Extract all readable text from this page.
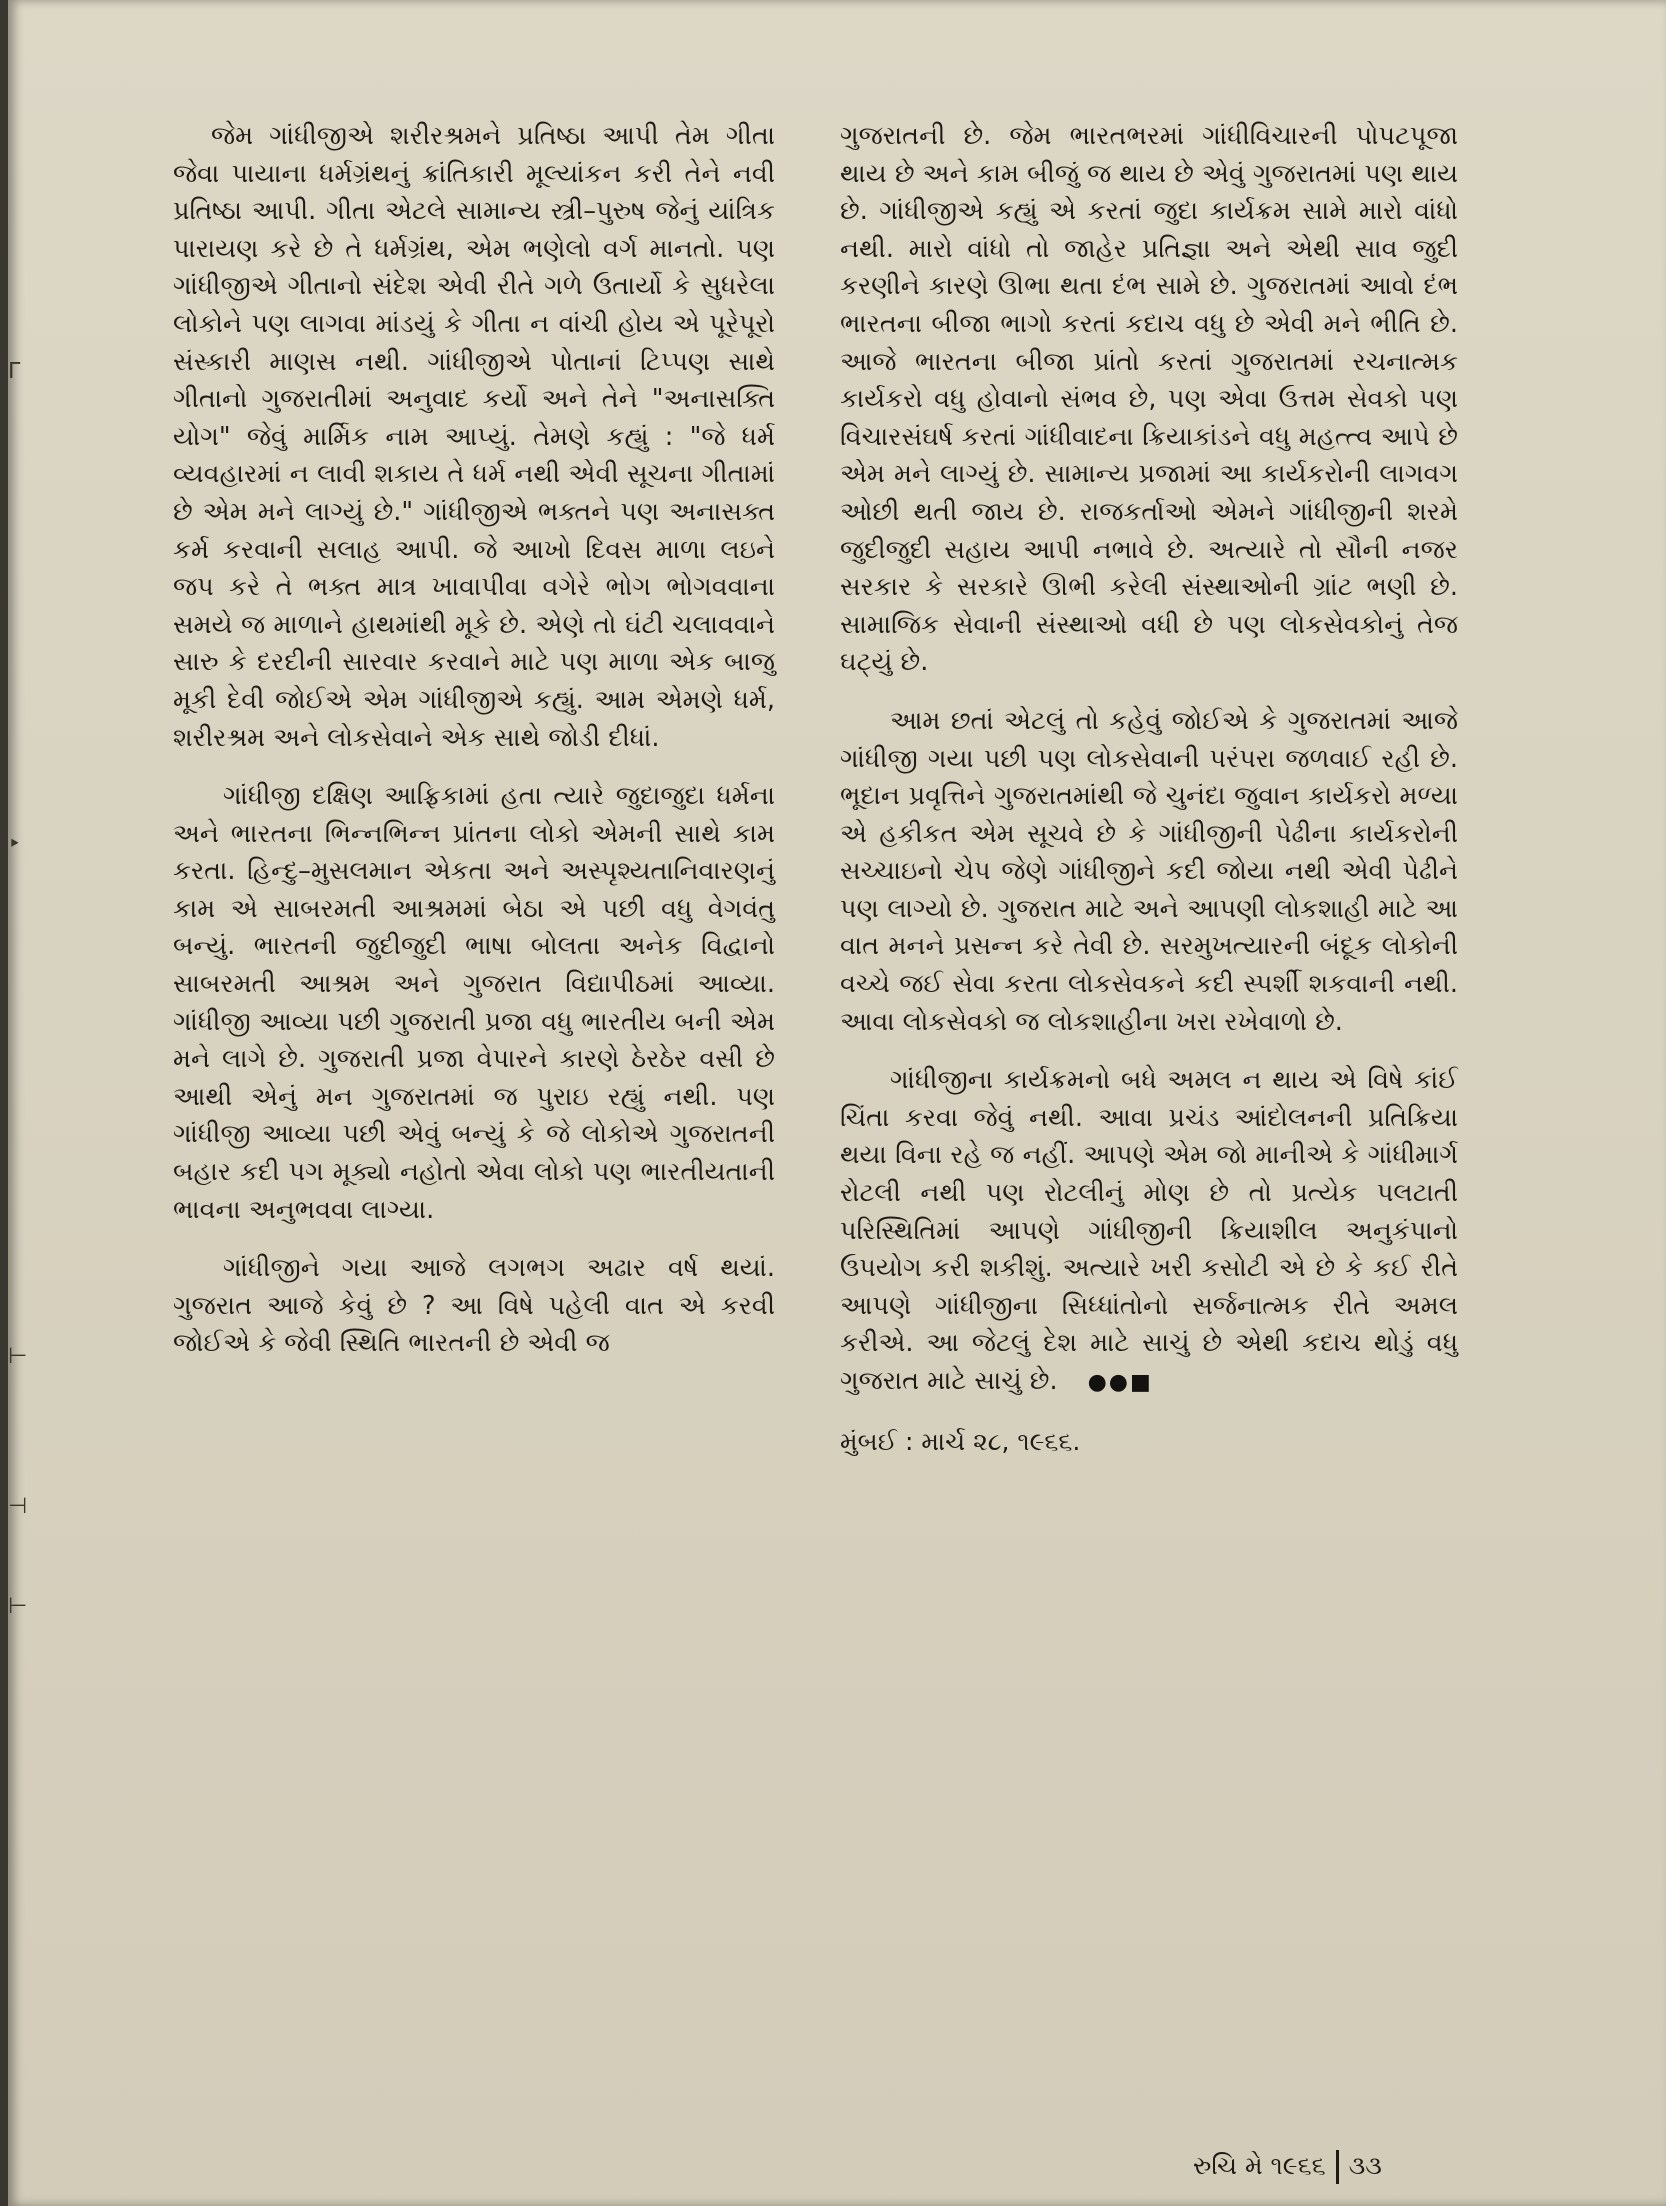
ᒥ
‣
⊢
⊣
⊢

જેમ ગાંધીજીએ શરીરશ્રમને પ્રતિષ્ઠા આપી તેમ ગીતા જેવા પાયાના ધર્મગ્રંથનું ક્રાંતિકારી મૂલ્યાંકન કરી તેને નવી પ્રતિષ્ઠા આપી. ગીતા એટલે સામાન્ય સ્ત્રી–પુરુષ જેનું યાંત્રિક પારાયણ કરે છે તે ધર્મગ્રંથ, એમ ભણેલો વર્ગ માનતો. પણ ગાંધીજીએ ગીતાનો સંદેશ એવી રીતે ગળે ઉતાર્યો કે સુધરેલા લોકોને પણ લાગવા માંડયું કે ગીતા ન વાંચી હોય એ પૂરેપૂરો સંસ્કારી માણસ નથી. ગાંધીજીએ પોતાનાં ટિપ્પણ સાથે ગીતાનો ગુજરાતીમાં અનુવાદ કર્યો અને તેને "અનાસક્તિ યોગ" જેવું માર્મિક નામ આપ્યું. તેમણે કહ્યું : "જે ધર્મ વ્યવહારમાં ન લાવી શકાય તે ધર્મ નથી એવી સૂચના ગીતામાં છે એમ મને લાગ્યું છે." ગાંધીજીએ ભક્તને પણ અનાસક્ત કર્મ કરવાની સલાહ આપી. જે આખો દિવસ માળા લઇને જપ કરે તે ભક્ત માત્ર ખાવાપીવા વગેરે ભોગ ભોગવવાના સમયે જ માળાને હાથમાંથી મૂકે છે. એણે તો ઘંટી ચલાવવાને સારુ કે દરદીની સારવાર કરવાને માટે પણ માળા એક બાજુ મૂકી દેવી જોઈએ એમ ગાંધીજીએ કહ્યું. આમ એમણે ધર્મ, શરીરશ્રમ અને લોકસેવાને એક સાથે જોડી દીધાં.

ગાંધીજી દક્ષિણ આફ્રિકામાં હતા ત્યારે જુદાજુદા ધર્મના અને ભારતના ભિન્નભિન્ન પ્રાંતના લોકો એમની સાથે કામ કરતા. હિન્દુ–મુસલમાન એકતા અને અસ્પૃશ્યતાનિવારણનું કામ એ સાબરમતી આશ્રમમાં બેઠા એ પછી વધુ વેગવંતુ બન્યું. ભારતની જુદીજુદી ભાષા બોલતા અનેક વિદ્વાનો સાબરમતી આશ્રમ અને ગુજરાત વિદ્યાપીઠમાં આવ્યા. ગાંધીજી આવ્યા પછી ગુજરાતી પ્રજા વધુ ભારતીય બની એમ મને લાગે છે. ગુજરાતી પ્રજા વેપારને કારણે ઠેરઠેર વસી છે આથી એનું મન ગુજરાતમાં જ પુરાઇ રહ્યું નથી. પણ ગાંધીજી આવ્યા પછી એવું બન્યું કે જે લોકોએ ગુજરાતની બહાર કદી પગ મૂક્યો નહોતો એવા લોકો પણ ભારતીયતાની ભાવના અનુભવવા લાગ્યા.

ગાંધીજીને ગયા આજે લગભગ અઢાર વર્ષ થયાં. ગુજરાત આજે કેવું છે ? આ વિષે પહેલી વાત એ કરવી જોઈએ કે જેવી સ્થિતિ ભારતની છે એવી જ

ગુજરાતની છે. જેમ ભારતભરમાં ગાંધીવિચારની પોપટપૂજા થાય છે અને કામ બીજું જ થાય છે એવું ગુજરાતમાં પણ થાય છે. ગાંધીજીએ કહ્યું એ કરતાં જુદા કાર્યક્રમ સામે મારો વાંધો નથી. મારો વાંધો તો જાહેર પ્રતિજ્ઞા અને એથી સાવ જુદી કરણીને કારણે ઊભા થતા દંભ સામે છે. ગુજરાતમાં આવો દંભ ભારતના બીજા ભાગો કરતાં કદાચ વધુ છે એવી મને ભીતિ છે. આજે ભારતના બીજા પ્રાંતો કરતાં ગુજરાતમાં રચનાત્મક કાર્યકરો વધુ હોવાનો સંભવ છે, પણ એવા ઉત્તમ સેવકો પણ વિચારસંઘર્ષ કરતાં ગાંધીવાદના ક્રિયાકાંડને વધુ મહત્ત્વ આપે છે એમ મને લાગ્યું છે. સામાન્ય પ્રજામાં આ કાર્યકરોની લાગવગ ઓછી થતી જાય છે. રાજકર્તાઓ એમને ગાંધીજીની શરમે જુદીજુદી સહાય આપી નભાવે છે. અત્યારે તો સૌની નજર સરકાર કે સરકારે ઊભી કરેલી સંસ્થાઓની ગ્રાંટ ભણી છે. સામાજિક સેવાની સંસ્થાઓ વધી છે પણ લોકસેવકોનું તેજ ઘટ્યું છે.

આમ છતાં એટલું તો કહેવું જોઈએ કે ગુજરાતમાં આજે ગાંધીજી ગયા પછી પણ લોકસેવાની પરંપરા જળવાઈ રહી છે. ભૂદાન પ્રવૃત્તિને ગુજરાતમાંથી જે ચુનંદા જુવાન કાર્યકરો મળ્યા એ હકીકત એમ સૂચવે છે કે ગાંધીજીની પેઢીના કાર્યકરોની સચ્ચાઇનો ચેપ જેણે ગાંધીજીને કદી જોયા નથી એવી પેઢીને પણ લાગ્યો છે. ગુજરાત માટે અને આપણી લોકશાહી માટે આ વાત મનને પ્રસન્ન કરે તેવી છે. સરમુખત્યારની બંદૂક લોકોની વચ્ચે જઈ સેવા કરતા લોકસેવકને કદી સ્પર્શી શકવાની નથી. આવા લોકસેવકો જ લોકશાહીના ખરા રખેવાળો છે.

ગાંધીજીના કાર્યક્રમનો બધે અમલ ન થાય એ વિષે કાંઈ ચિંતા કરવા જેવું નથી. આવા પ્રચંડ આંદોલનની પ્રતિક્રિયા થયા વિના રહે જ નહીં. આપણે એમ જો માનીએ કે ગાંધીમાર્ગ રોટલી નથી પણ રોટલીનું મોણ છે તો પ્રત્યેક પલટાતી પરિસ્થિતિમાં આપણે ગાંધીજીની ક્રિયાશીલ અનુકંપાનો ઉપયોગ કરી શકીશું. અત્યારે ખરી કસોટી એ છે કે કઈ રીતે આપણે ગાંધીજીના સિધ્ધાંતોનો સર્જનાત્મક રીતે અમલ કરીએ. આ જેટલું દેશ માટે સાચું છે એથી કદાચ થોડું વધુ ગુજરાત માટે સાચું છે. ●●■

મુંબઈ : માર્ચ ૨૮, ૧૯૬૬.

રુચિ મે ૧૯૬૬ ૩૩
